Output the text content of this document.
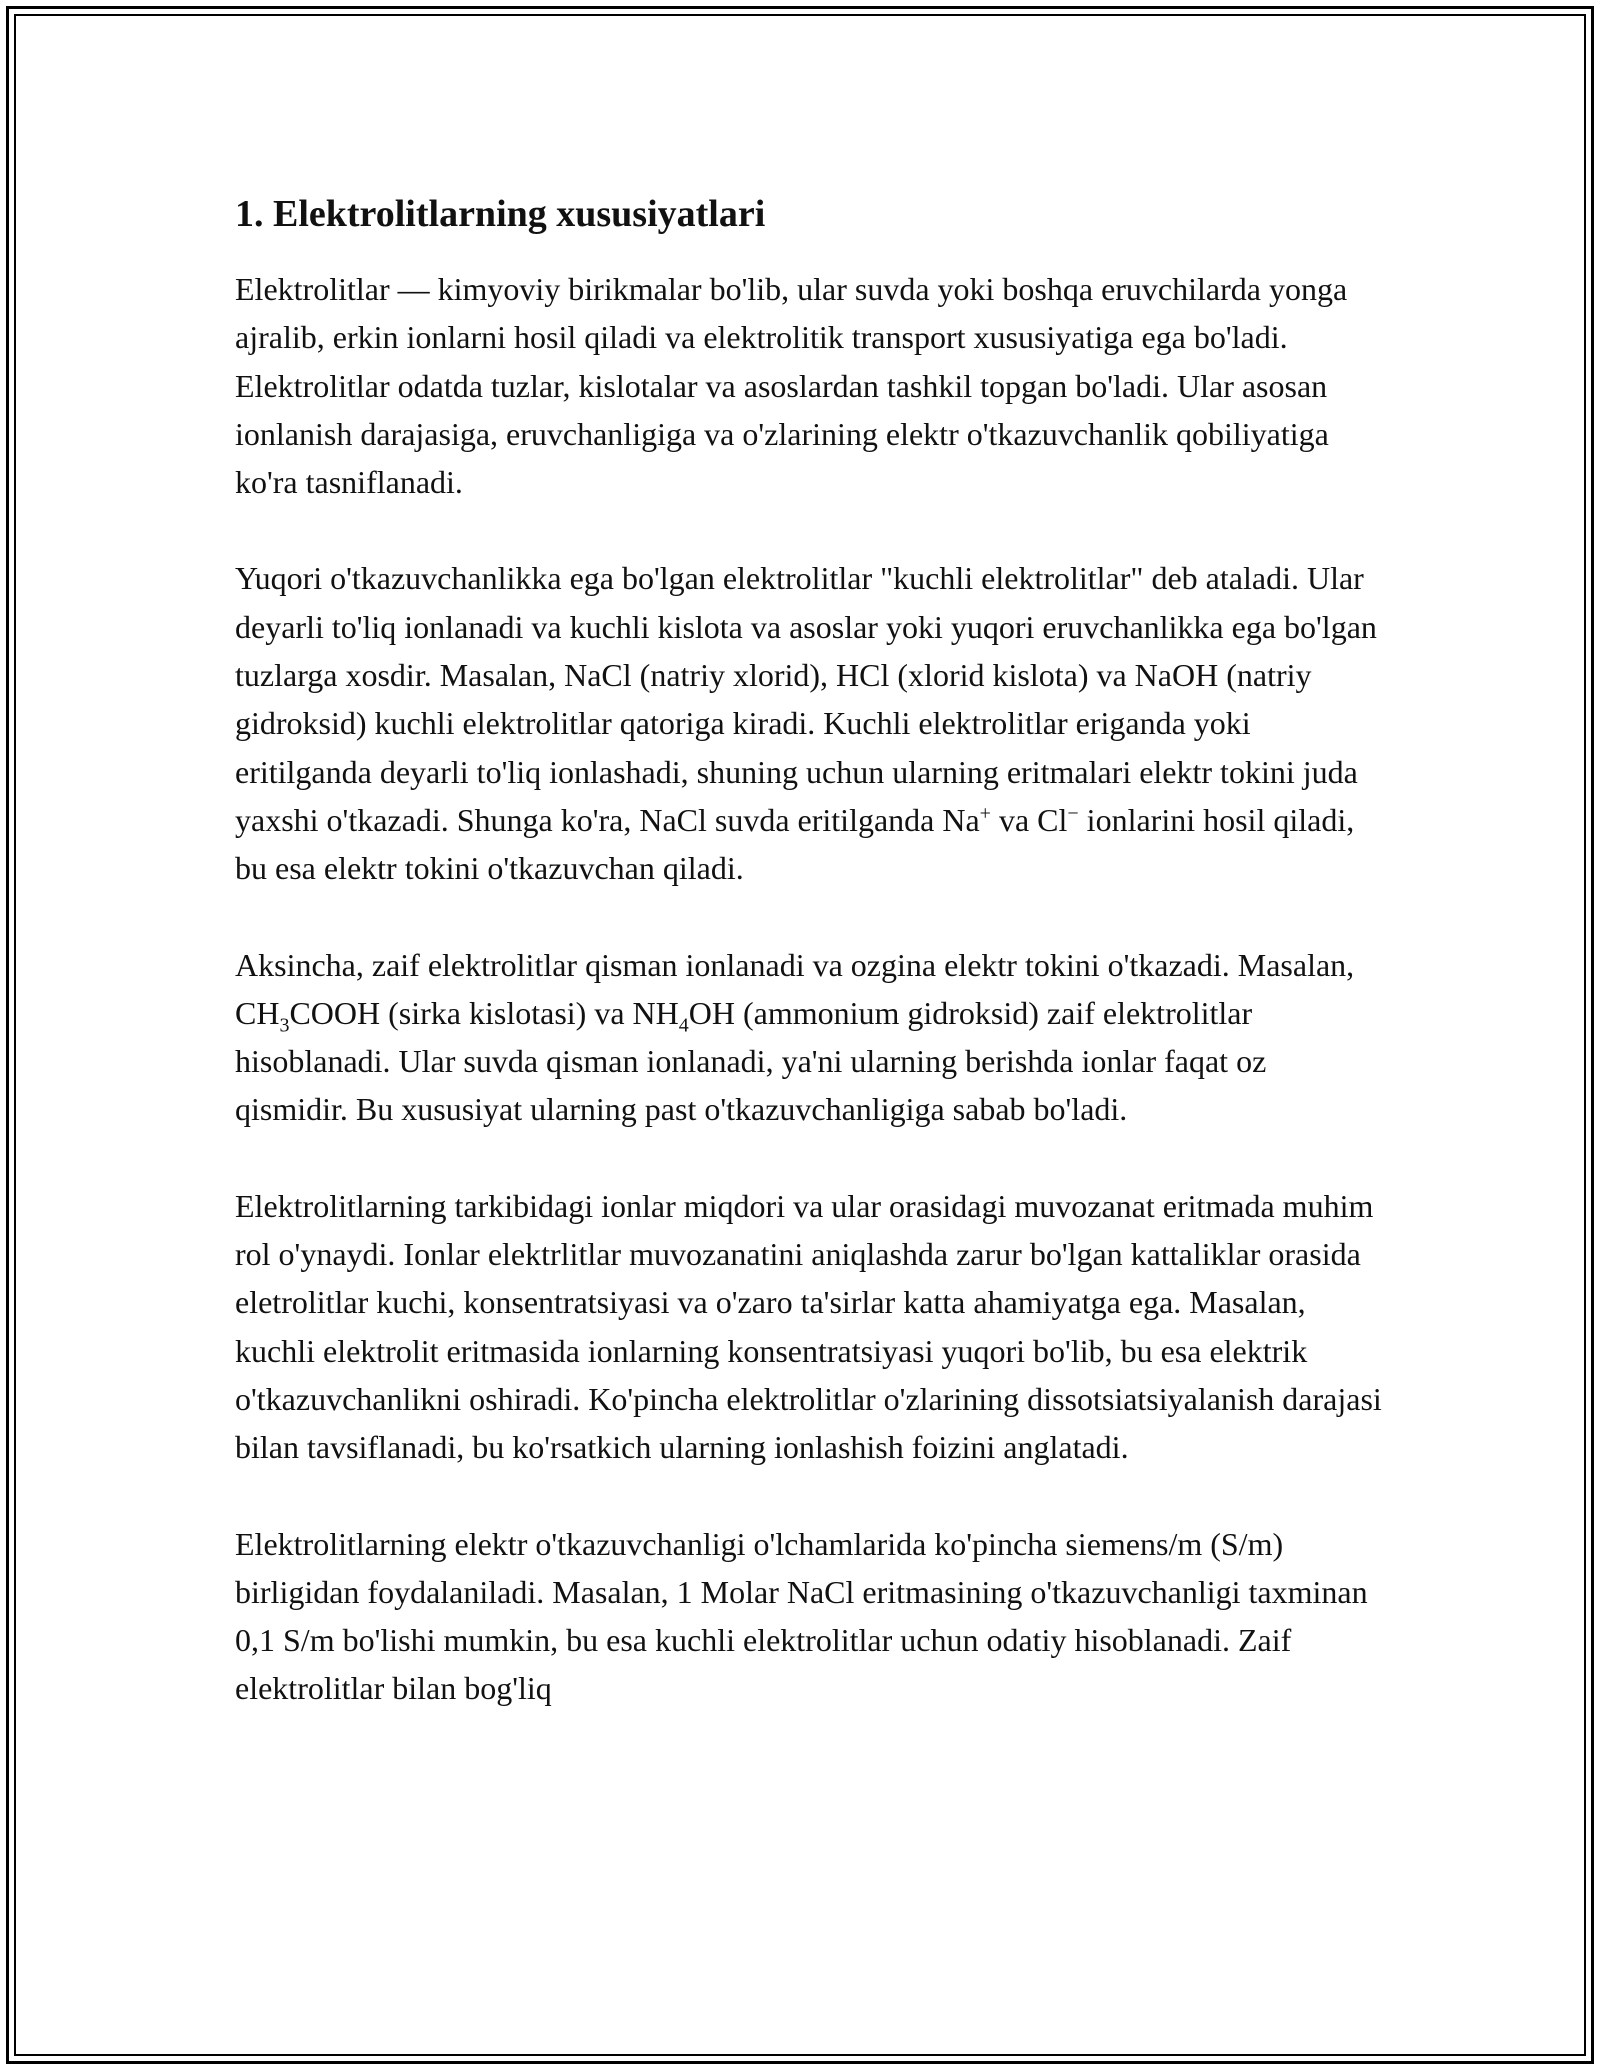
1. Elektrolitlarning xususiyatlari

Elektrolitlar — kimyoviy birikmalar bo'lib, ular suvda yoki boshqa eruvchilarda yonga ajralib, erkin ionlarni hosil qiladi va elektrolitik transport xususiyatiga ega bo'ladi. Elektrolitlar odatda tuzlar, kislotalar va asoslardan tashkil topgan bo'ladi. Ular asosan ionlanish darajasiga, eruvchanligiga va o'zlarining elektr o'tkazuvchanlik qobiliyatiga ko'ra tasniflanadi.

Yuqori o'tkazuvchanlikka ega bo'lgan elektrolitlar "kuchli elektrolitlar" deb ataladi. Ular deyarli to'liq ionlanadi va kuchli kislota va asoslar yoki yuqori eruvchanlikka ega bo'lgan tuzlarga xosdir. Masalan, NaCl (natriy xlorid), HCl (xlorid kislota) va NaOH (natriy gidroksid) kuchli elektrolitlar qatoriga kiradi. Kuchli elektrolitlar eriganda yoki eritilganda deyarli to'liq ionlashadi, shuning uchun ularning eritmalari elektr tokini juda yaxshi o'tkazadi. Shunga ko'ra, NaCl suvda eritilganda Na+ va Cl− ionlarini hosil qiladi, bu esa elektr tokini o'tkazuvchan qiladi.

Aksincha, zaif elektrolitlar qisman ionlanadi va ozgina elektr tokini o'tkazadi. Masalan, $CH_3COOH$ (sirka kislotasi) va $NH_4OH$ (ammonium gidroksid) zaif elektrolitlar hisoblanadi. Ular suvda qisman ionlanadi, ya'ni ularning berishda ionlar faqat oz qismidir. Bu xususiyat ularning past o'tkazuvchanligiga sabab bo'ladi.

Elektrolitlarning tarkibidagi ionlar miqdori va ular orasidagi muvozanat eritmada muhim rol o'ynaydi. Ionlar elektrlitlar muvozanatini aniqlashda zarur bo'lgan kattaliklar orasida eletrolitlar kuchi, konsentratsiyasi va o'zaro ta'sirlar katta ahamiyatga ega. Masalan, kuchli elektrolit eritmasida ionlarning konsentratsiyasi yuqori bo'lib, bu esa elektrik o'tkazuvchanlikni oshiradi. Ko'pincha elektrolitlar o'zlarining dissotsiatsiyalanish darajasi bilan tavsiflanadi, bu ko'rsatkich ularning ionlashish foizini anglatadi.

Elektrolitlarning elektr o'tkazuvchanligi o'lchamlarida ko'pincha siemens/m (S/m) birligidan foydalaniladi. Masalan, 1 Molar NaCl eritmasining o'tkazuvchanligi taxminan 0,1 S/m bo'lishi mumkin, bu esa kuchli elektrolitlar uchun odatiy hisoblanadi. Zaif elektrolitlar bilan bog'liq
